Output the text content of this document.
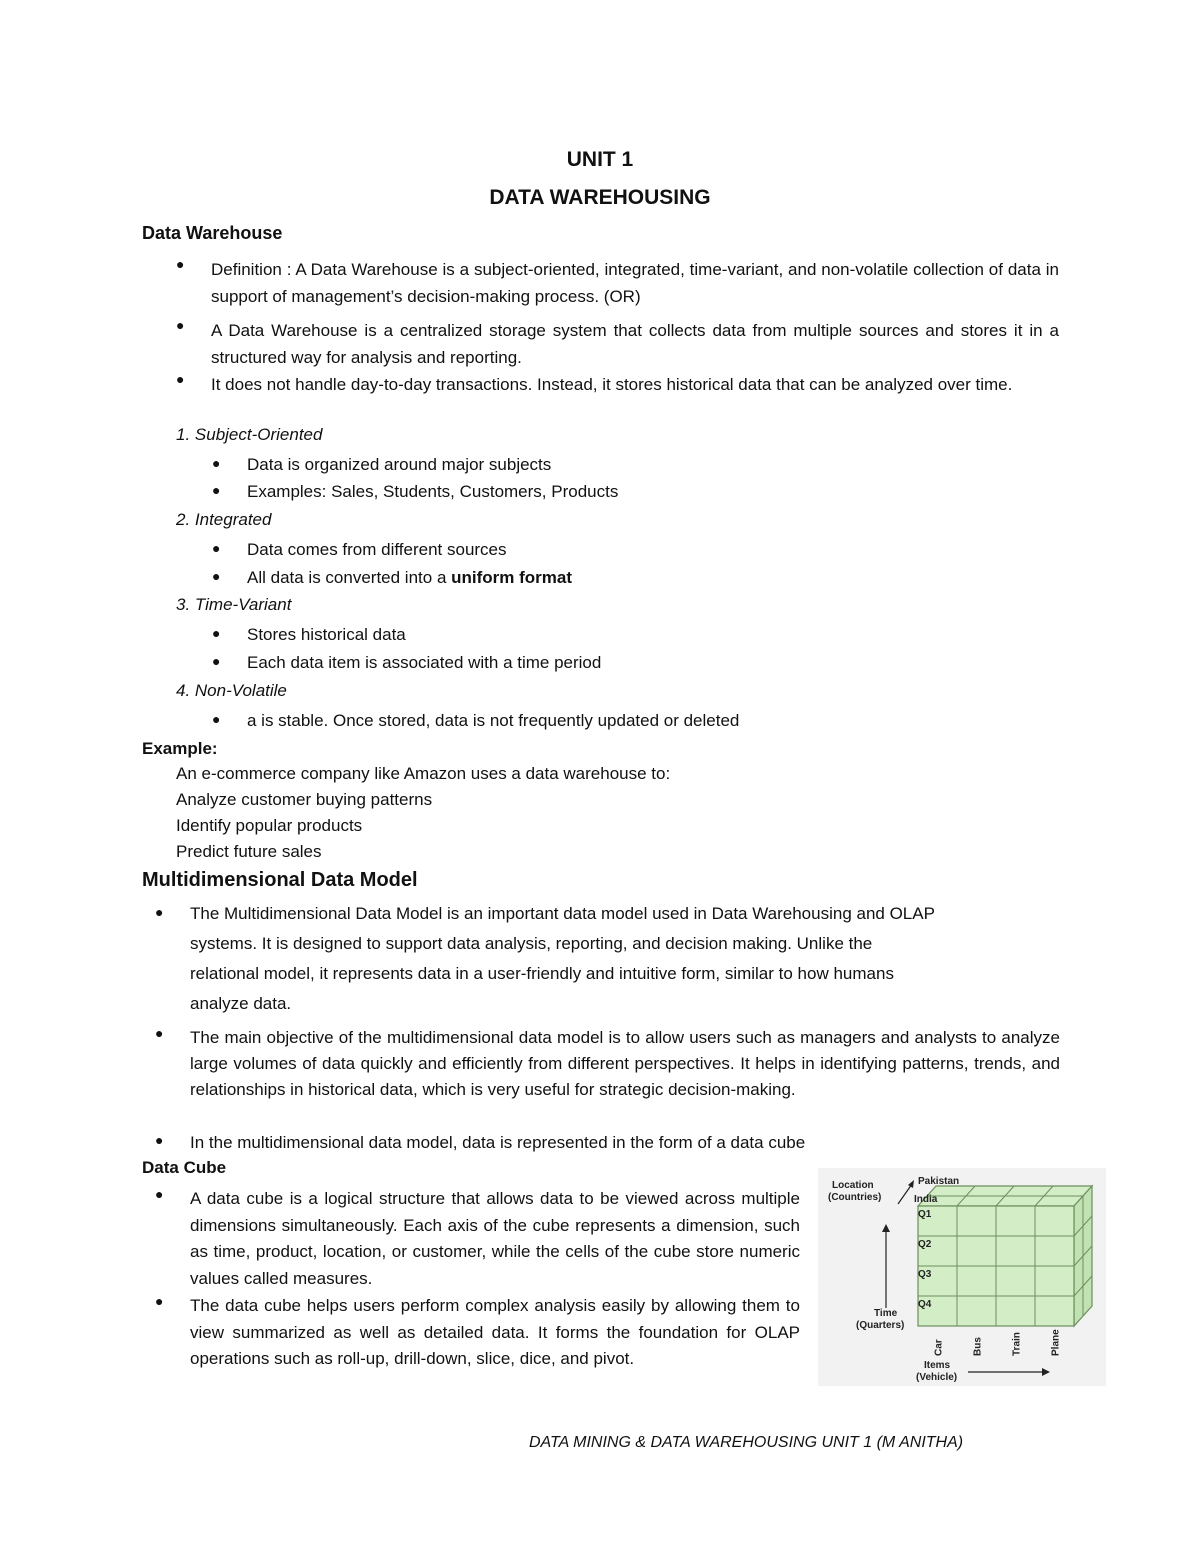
UNIT 1
DATA WAREHOUSING
Data Warehouse
● Definition : A Data Warehouse is a subject-oriented, integrated, time-variant, and non-volatile collection of data in support of management’s decision-making process. (OR)
● A Data Warehouse is a centralized storage system that collects data from multiple sources and stores it in a structured way for analysis and reporting.
● It does not handle day-to-day transactions. Instead, it stores historical data that can be analyzed over time.
1. Subject-Oriented
● Data is organized around major subjects
● Examples: Sales, Students, Customers, Products
2. Integrated
● Data comes from different sources
● All data is converted into a uniform format
3. Time-Variant
● Stores historical data
● Each data item is associated with a time period
4. Non-Volatile
● a is stable. Once stored, data is not frequently updated or deleted
Example:
An e-commerce company like Amazon uses a data warehouse to:
Analyze customer buying patterns
Identify popular products
Predict future sales
Multidimensional Data Model
● The Multidimensional Data Model is an important data model used in Data Warehousing and OLAP
systems. It is designed to support data analysis, reporting, and decision making. Unlike the
relational model, it represents data in a user-friendly and intuitive form, similar to how humans
analyze data.
● The main objective of the multidimensional data model is to allow users such as managers and analysts to analyze large volumes of data quickly and efficiently from different perspectives. It helps in identifying patterns, trends, and relationships in historical data, which is very useful for strategic decision-making.
● In the multidimensional data model, data is represented in the form of a data cube
Data Cube
● A data cube is a logical structure that allows data to be viewed across multiple dimensions simultaneously. Each axis of the cube represents a dimension, such as time, product, location, or customer, while the cells of the cube store numeric values called measures.
● The data cube helps users perform complex analysis easily by allowing them to view summarized as well as detailed data. It forms the foundation for OLAP operations such as roll-up, drill-down, slice, dice, and pivot.
Location
(Countries)
Pakistan
India
Q1
Q2
Q3
Q4
Time
(Quarters)
Car	Bus	Train	Plane
Items
(Vehicle)
DATA MINING & DATA WAREHOUSING UNIT 1 (M ANITHA)
